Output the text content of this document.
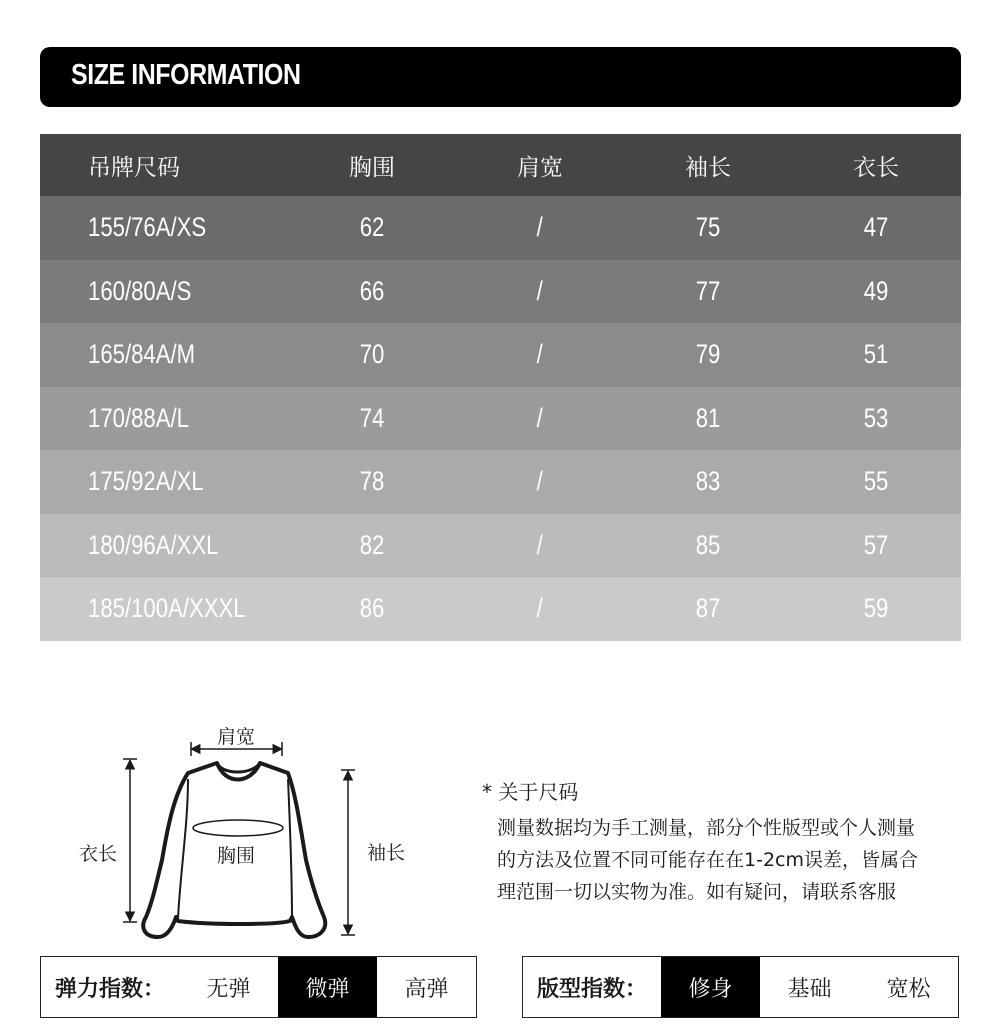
SIZE INFORMATION
吊牌尺码	胸围	肩宽	袖长	衣长
155/76A/XS	62	/	75	47
160/80A/S	66	/	77	49
165/84A/M	70	/	79	51
170/88A/L	74	/	81	53
175/92A/XL	78	/	83	55
180/96A/XXL	82	/	85	57
185/100A/XXXL	86	/	87	59
肩宽
衣长	胸围	袖长
* 关于尺码
测量数据均为手工测量，部分个性版型或个人测量
的方法及位置不同可能存在在1-2cm误差，皆属合
理范围一切以实物为准。如有疑问，请联系客服
弹力指数：	无弹	微弹	高弹	版型指数：	修身	基础	宽松
